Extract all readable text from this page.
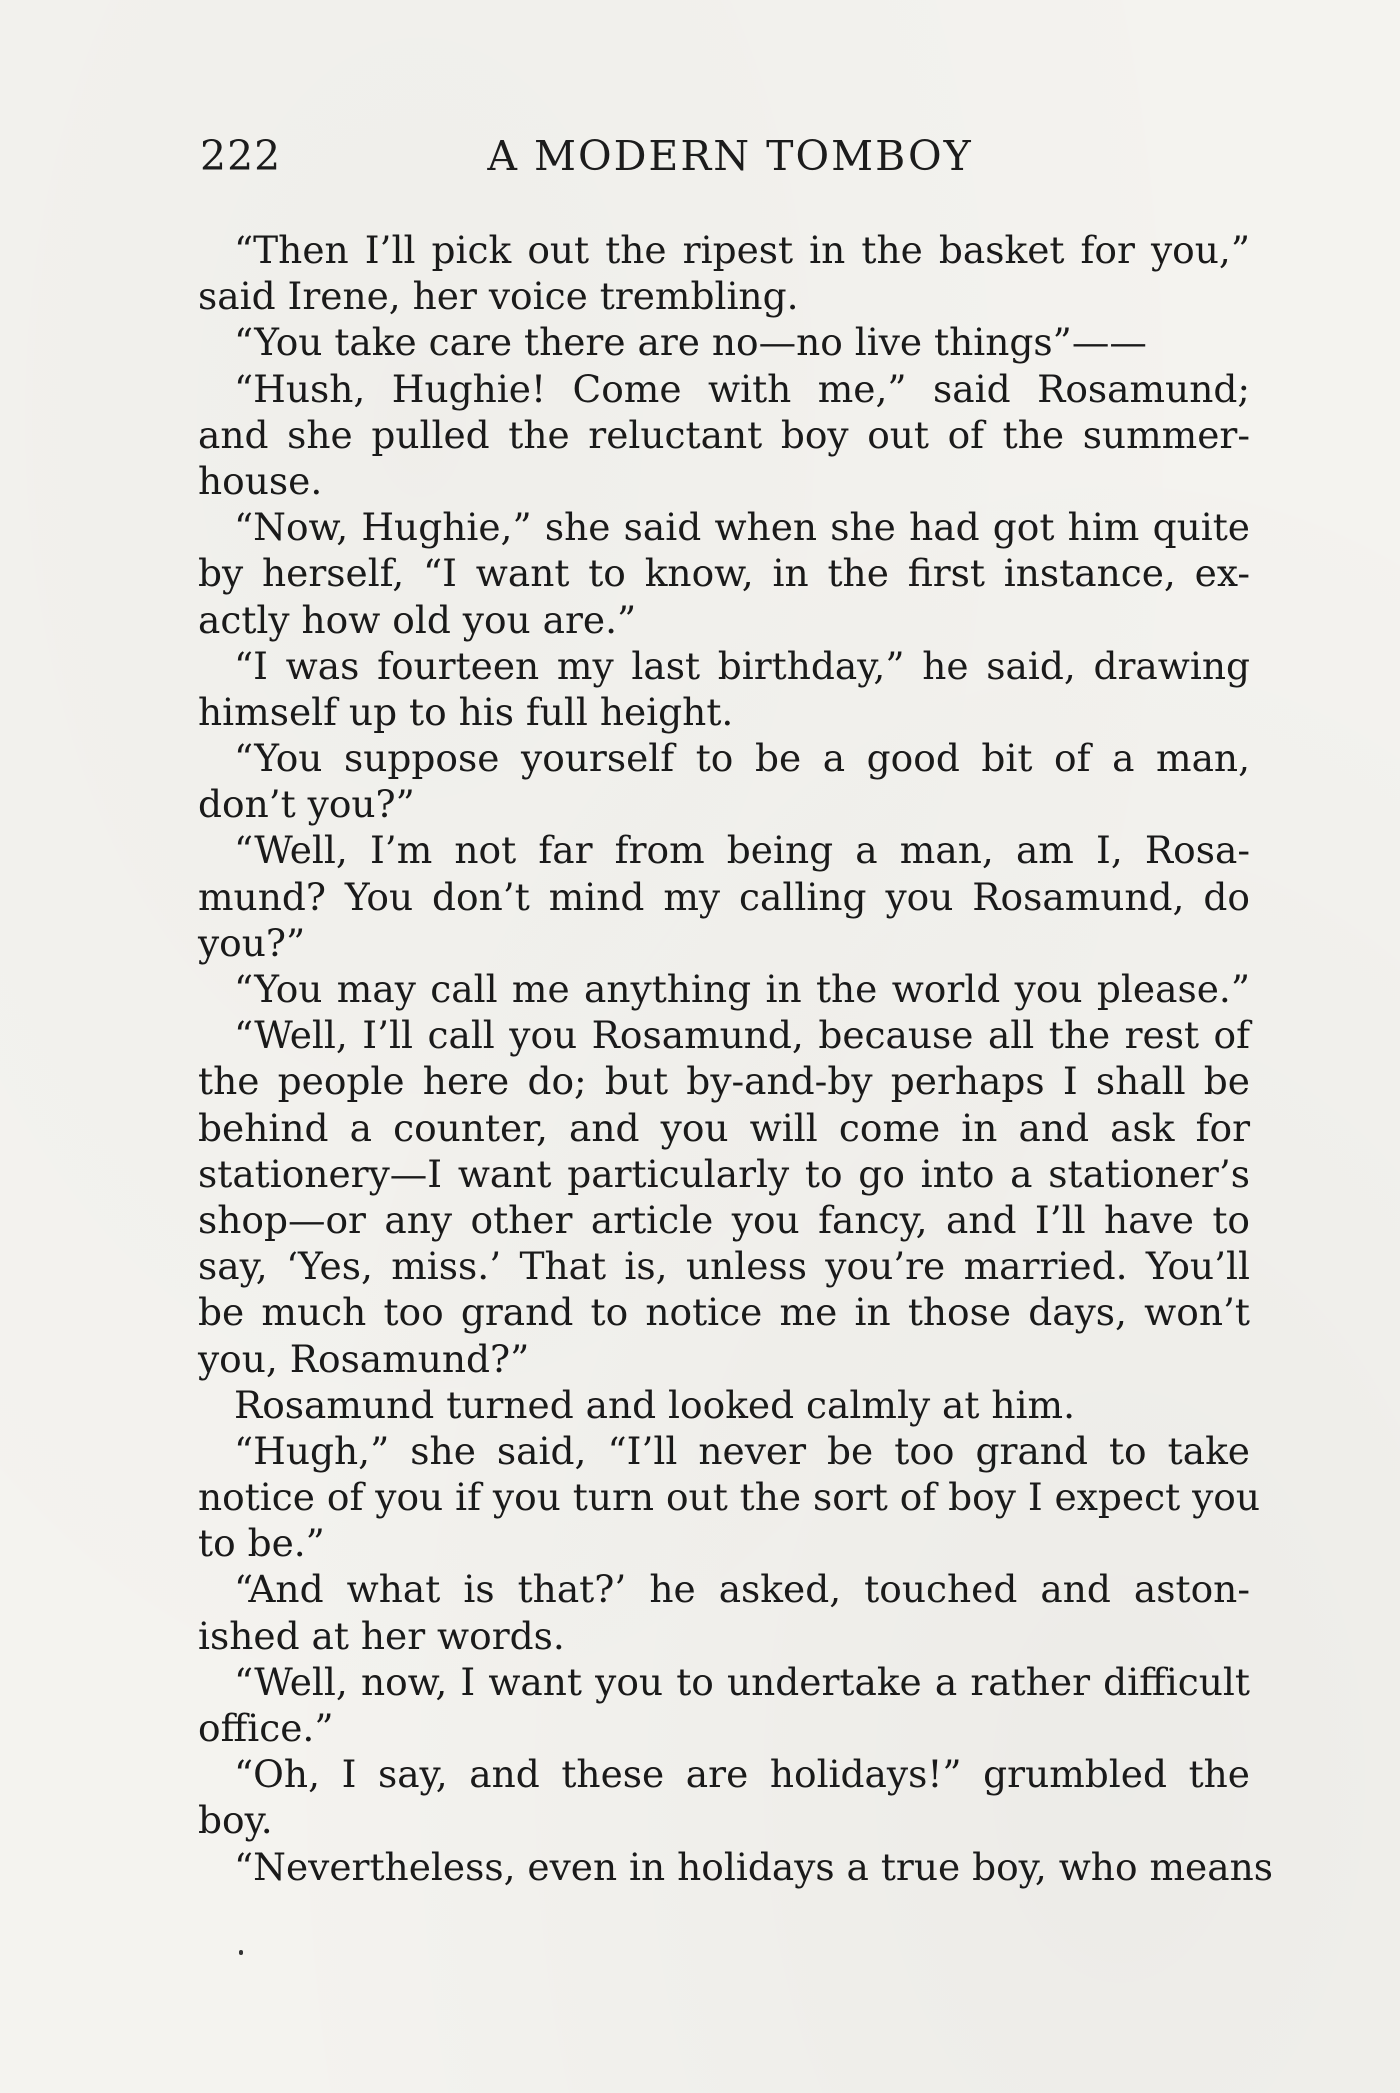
222	A MODERN TOMBOY
“Then I’ll pick out the ripest in the basket for you,”
said Irene, her voice trembling.
“You take care there are no—no live things”——
“Hush, Hughie! Come with me,” said Rosamund;
and she pulled the reluctant boy out of the summer-
house.
“Now, Hughie,” she said when she had got him quite
by herself, “I want to know, in the first instance, ex-
actly how old you are.”
“I was fourteen my last birthday,” he said, drawing
himself up to his full height.
“You suppose yourself to be a good bit of a man,
don’t you?”
“Well, I’m not far from being a man, am I, Rosa-
mund? You don’t mind my calling you Rosamund, do
you?”
“You may call me anything in the world you please.”
“Well, I’ll call you Rosamund, because all the rest of
the people here do; but by-and-by perhaps I shall be
behind a counter, and you will come in and ask for
stationery—I want particularly to go into a stationer’s
shop—or any other article you fancy, and I’ll have to
say, ‘Yes, miss.’ That is, unless you’re married. You’ll
be much too grand to notice me in those days, won’t
you, Rosamund?”
Rosamund turned and looked calmly at him.
“Hugh,” she said, “I’ll never be too grand to take
notice of you if you turn out the sort of boy I expect you
to be.”
“And what is that?’ he asked, touched and aston-
ished at her words.
“Well, now, I want you to undertake a rather difficult
office.”
“Oh, I say, and these are holidays!” grumbled the
boy.
“Nevertheless, even in holidays a true boy, who means
